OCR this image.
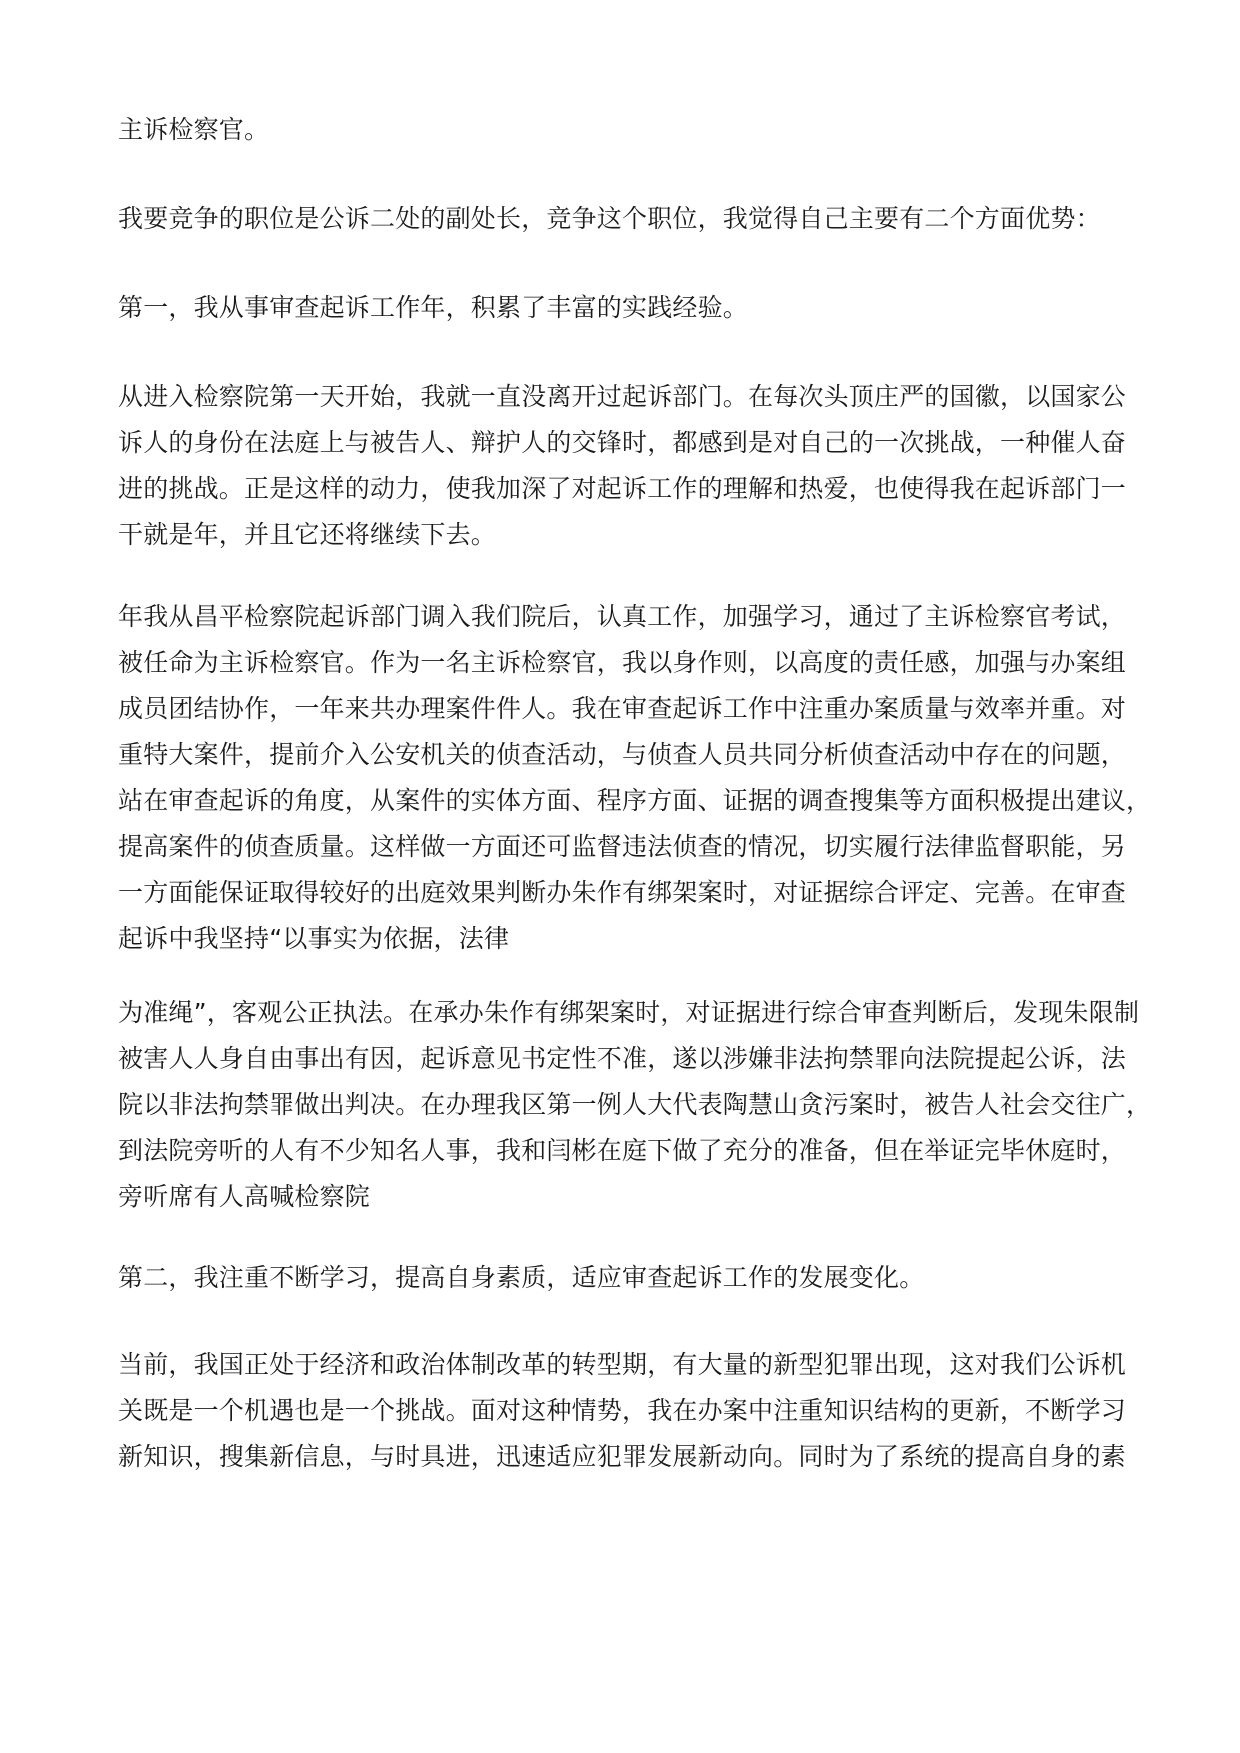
主诉检察官。
我要竞争的职位是公诉二处的副处长，竞争这个职位，我觉得自己主要有二个方面优势：
第一，我从事审查起诉工作年，积累了丰富的实践经验。
从进入检察院第一天开始，我就一直没离开过起诉部门。在每次头顶庄严的国徽，以国家公
诉人的身份在法庭上与被告人、辩护人的交锋时，都感到是对自己的一次挑战，一种催人奋
进的挑战。正是这样的动力，使我加深了对起诉工作的理解和热爱，也使得我在起诉部门一
干就是年，并且它还将继续下去。
年我从昌平检察院起诉部门调入我们院后，认真工作，加强学习，通过了主诉检察官考试，
被任命为主诉检察官。作为一名主诉检察官，我以身作则，以高度的责任感，加强与办案组
成员团结协作，一年来共办理案件件人。我在审查起诉工作中注重办案质量与效率并重。对
重特大案件，提前介入公安机关的侦查活动，与侦查人员共同分析侦查活动中存在的问题，
站在审查起诉的角度，从案件的实体方面、程序方面、证据的调查搜集等方面积极提出建议，
提高案件的侦查质量。这样做一方面还可监督违法侦查的情况，切实履行法律监督职能，另
一方面能保证取得较好的出庭效果判断办朱作有绑架案时，对证据综合评定、完善。在审查
起诉中我坚持“以事实为依据，法律
为准绳”，客观公正执法。在承办朱作有绑架案时，对证据进行综合审查判断后，发现朱限制
被害人人身自由事出有因，起诉意见书定性不准，遂以涉嫌非法拘禁罪向法院提起公诉，法
院以非法拘禁罪做出判决。在办理我区第一例人大代表陶慧山贪污案时，被告人社会交往广，
到法院旁听的人有不少知名人事，我和闫彬在庭下做了充分的准备，但在举证完毕休庭时，
旁听席有人高喊检察院
第二，我注重不断学习，提高自身素质，适应审查起诉工作的发展变化。
当前，我国正处于经济和政治体制改革的转型期，有大量的新型犯罪出现，这对我们公诉机
关既是一个机遇也是一个挑战。面对这种情势，我在办案中注重知识结构的更新，不断学习
新知识，搜集新信息，与时具进，迅速适应犯罪发展新动向。同时为了系统的提高自身的素
